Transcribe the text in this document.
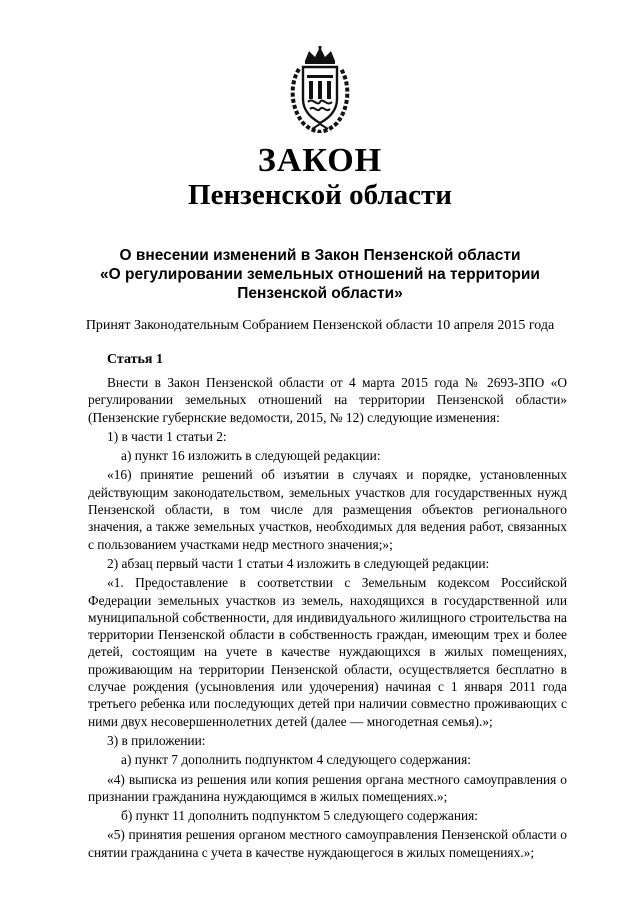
ЗАКОН
Пензенской области
О внесении изменений в Закон Пензенской области
«О регулировании земельных отношений на территории
Пензенской области»
Принят Законодательным Собранием Пензенской области 10 апреля 2015 года
Статья 1

Внести в Закон Пензенской области от 4 марта 2015 года № 2693-ЗПО «О регулировании земельных отношений на территории Пензенской области» (Пензенские губернские ведомости, 2015, № 12) следующие изменения:

1) в части 1 статьи 2:

а) пункт 16 изложить в следующей редакции:

«16) принятие решений об изъятии в случаях и порядке, установленных действующим законодательством, земельных участков для государственных нужд Пензенской области, в том числе для размещения объектов регионального значения, а также земельных участков, необходимых для ведения работ, связанных с пользованием участками недр местного значения;»;

2) абзац первый части 1 статьи 4 изложить в следующей редакции:

«1. Предоставление в соответствии с Земельным кодексом Российской Федерации земельных участков из земель, находящихся в государственной или муниципальной собственности, для индивидуального жилищного строительства на территории Пензенской области в собственность граждан, имеющим трех и более детей, состоящим на учете в качестве нуждающихся в жилых помещениях, проживающим на территории Пензенской области, осуществляется бесплатно в случае рождения (усыновления или удочерения) начиная с 1 января 2011 года третьего ребенка или последующих детей при наличии совместно проживающих с ними двух несовершеннолетних детей (далее — многодетная семья).»;

3) в приложении:

а) пункт 7 дополнить подпунктом 4 следующего содержания:

«4) выписка из решения или копия решения органа местного самоуправления о признании гражданина нуждающимся в жилых помещениях.»;

б) пункт 11 дополнить подпунктом 5 следующего содержания:

«5) принятия решения органом местного самоуправления Пензенской области о снятии гражданина с учета в качестве нуждающегося в жилых помещениях.»;
